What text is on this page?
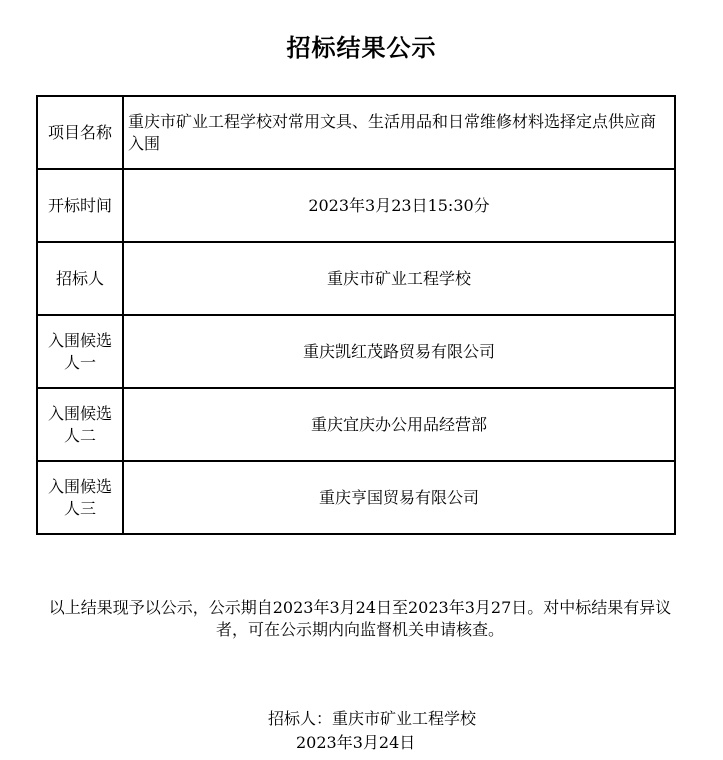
招标结果公示
项目名称	重庆市矿业工程学校对常用文具、生活用品和日常维修材料选择定点供应商入围
开标时间	2023年3月23日15:30分
招标人	重庆市矿业工程学校
入围候选人一	重庆凯红茂路贸易有限公司
入围候选人二	重庆宜庆办公用品经营部
入围候选人三	重庆亨国贸易有限公司
以上结果现予以公示，公示期自2023年3月24日至2023年3月27日。对中标结果有异议者，可在公示期内向监督机关申请核查。
招标人：重庆市矿业工程学校
2023年3月24日
